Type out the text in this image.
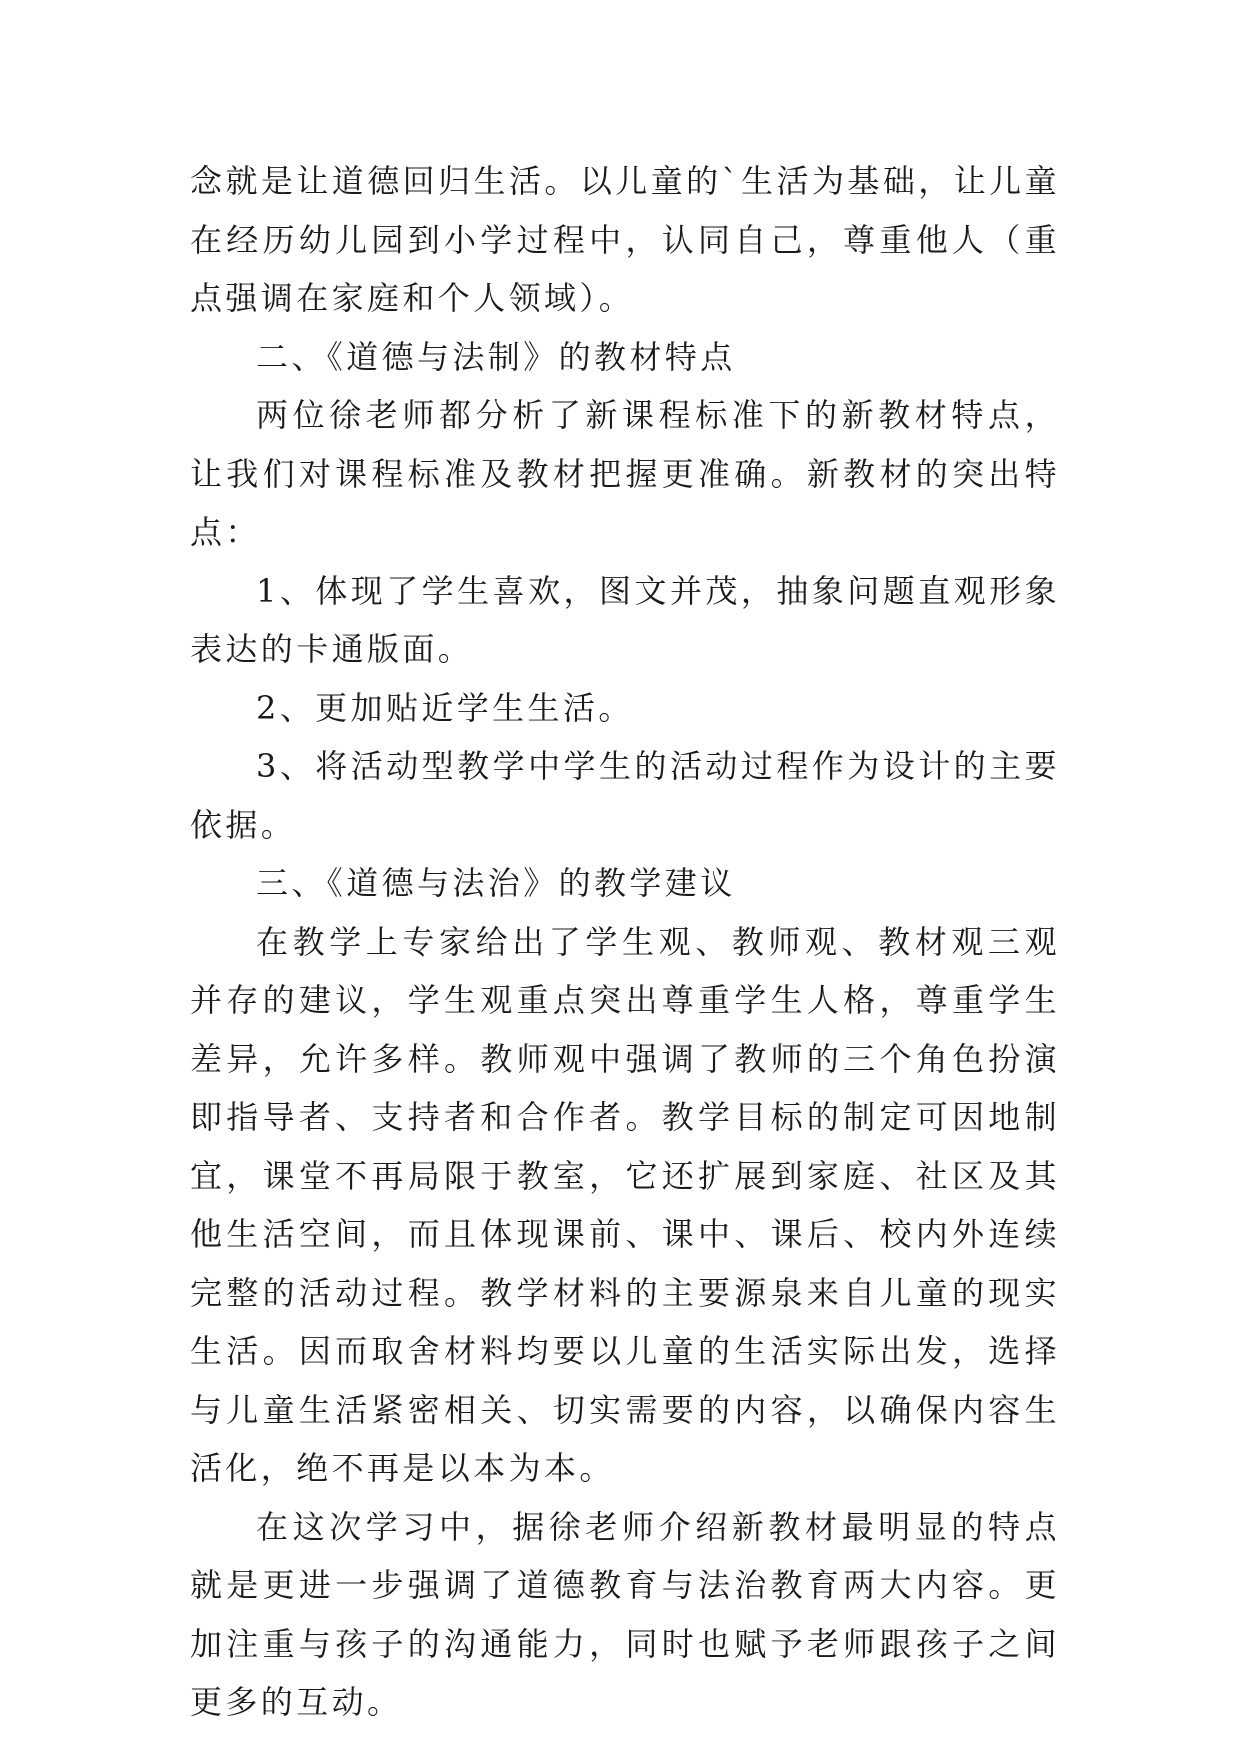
念就是让道德回归生活。以儿童的`生活为基础，让儿童在经历幼儿园到小学过程中，认同自己，尊重他人（重点强调在家庭和个人领域）。

二、《道德与法制》的教材特点

两位徐老师都分析了新课程标准下的新教材特点，让我们对课程标准及教材把握更准确。新教材的突出特点：

1、体现了学生喜欢，图文并茂，抽象问题直观形象表达的卡通版面。

2、更加贴近学生生活。

3、将活动型教学中学生的活动过程作为设计的主要依据。

三、《道德与法治》的教学建议

在教学上专家给出了学生观、教师观、教材观三观并存的建议，学生观重点突出尊重学生人格，尊重学生差异，允许多样。教师观中强调了教师的三个角色扮演即指导者、支持者和合作者。教学目标的制定可因地制宜，课堂不再局限于教室，它还扩展到家庭、社区及其他生活空间，而且体现课前、课中、课后、校内外连续完整的活动过程。教学材料的主要源泉来自儿童的现实生活。因而取舍材料均要以儿童的生活实际出发，选择与儿童生活紧密相关、切实需要的内容，以确保内容生活化，绝不再是以本为本。

在这次学习中，据徐老师介绍新教材最明显的特点就是更进一步强调了道德教育与法治教育两大内容。更加注重与孩子的沟通能力，同时也赋予老师跟孩子之间更多的互动。
